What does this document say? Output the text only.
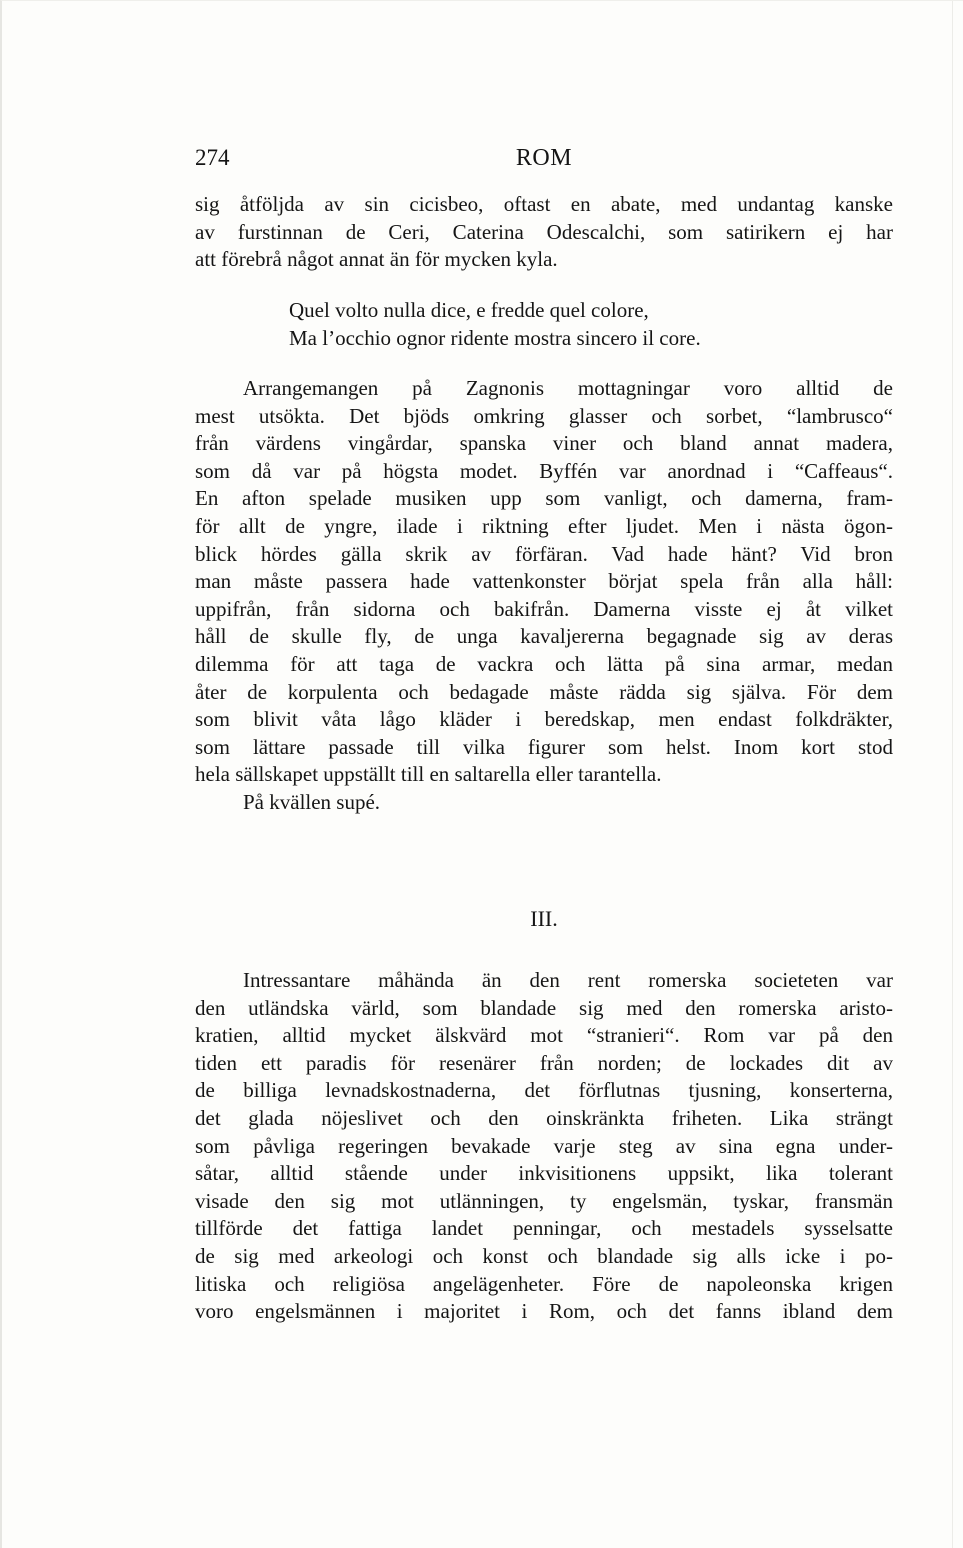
274	ROM
sig åtföljda av sin cicisbeo, oftast en abate, med undantag kanske
av furstinnan de Ceri, Caterina Odescalchi, som satirikern ej har
att förebrå något annat än för mycken kyla.
Quel volto nulla dice, e fredde quel colore,
Ma l’occhio ognor ridente mostra sincero il core.
Arrangemangen på Zagnonis mottagningar voro alltid de
mest utsökta. Det bjöds omkring glasser och sorbet, “lambrusco“
från värdens vingårdar, spanska viner och bland annat madera,
som då var på högsta modet. Byffén var anordnad i “Caffeaus“.
En afton spelade musiken upp som vanligt, och damerna, fram-
för allt de yngre, ilade i riktning efter ljudet. Men i nästa ögon-
blick hördes gälla skrik av förfäran. Vad hade hänt? Vid bron
man måste passera hade vattenkonster börjat spela från alla håll:
uppifrån, från sidorna och bakifrån. Damerna visste ej åt vilket
håll de skulle fly, de unga kavaljererna begagnade sig av deras
dilemma för att taga de vackra och lätta på sina armar, medan
åter de korpulenta och bedagade måste rädda sig själva. För dem
som blivit våta lågo kläder i beredskap, men endast folkdräkter,
som lättare passade till vilka figurer som helst. Inom kort stod
hela sällskapet uppställt till en saltarella eller tarantella.
På kvällen supé.
III.
Intressantare måhända än den rent romerska societeten var
den utländska värld, som blandade sig med den romerska aristo-
kratien, alltid mycket älskvärd mot “stranieri“. Rom var på den
tiden ett paradis för resenärer från norden; de lockades dit av
de billiga levnadskostnaderna, det förflutnas tjusning, konserterna,
det glada nöjeslivet och den oinskränkta friheten. Lika strängt
som påvliga regeringen bevakade varje steg av sina egna under-
såtar, alltid stående under inkvisitionens uppsikt, lika tolerant
visade den sig mot utlänningen, ty engelsmän, tyskar, fransmän
tillförde det fattiga landet penningar, och mestadels sysselsatte
de sig med arkeologi och konst och blandade sig alls icke i po-
litiska och religiösa angelägenheter. Före de napoleonska krigen
voro engelsmännen i majoritet i Rom, och det fanns ibland dem
